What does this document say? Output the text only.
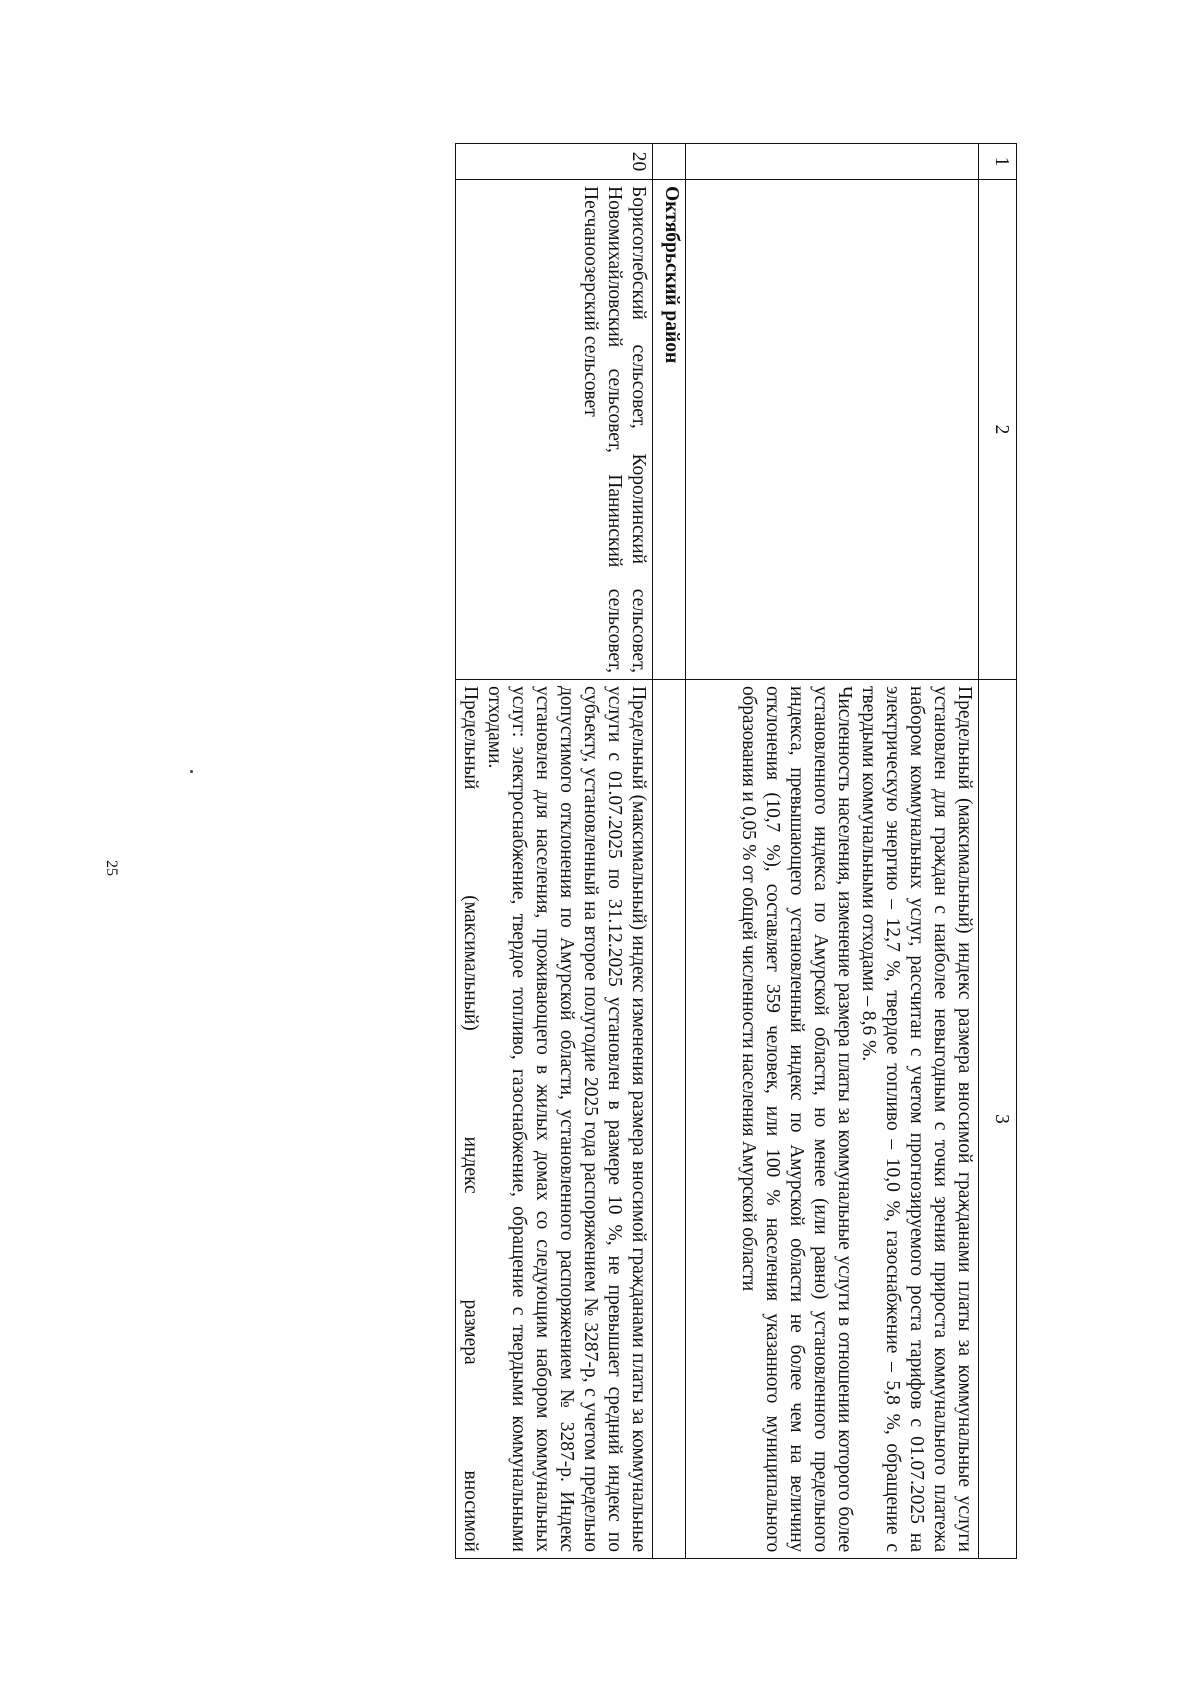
25
1	2	3

		Предельный (максимальный) индекс размера вносимой гражданами платы за коммунальные услуги установлен для граждан с наиболее невыгодным с точки зрения прироста коммунального платежа набором коммунальных услуг, рассчитан с учетом прогнозируемого роста тарифов с 01.07.2025 на электрическую энергию – 12,7 %, твердое топливо – 10,0 %, газоснабжение – 5,8 %, обращение с твердыми коммунальными отходами – 8,6 %.

Численность населения, изменение размера платы за коммунальные услуги в отношении которого более установленного индекса по Амурской области, но менее (или равно) установленного предельного индекса, превышающего установленный индекс по Амурской области не более чем на величину отклонения (10,7 %), составляет 359 человек, или 100 % населения указанного муниципального образования и 0,05 % от общей численности населения Амурской области

	Октябрьский район	
20	Борисоглебский сельсовет, Королинский сельсовет, Новомихайловский сельсовет, Панинский сельсовет, Песчаноозерский сельсовет	Предельный (максимальный) индекс изменения размера вносимой гражданами платы за коммунальные услуги с 01.07.2025 по 31.12.2025 установлен в размере 10 %, не превышает средний индекс по субъекту, установленный на второе полугодие 2025 года распоряжением № 3287-р, с учетом предельно допустимого отклонения по Амурской области, установленного распоряжением № 3287-р. Индекс установлен для населения, проживающего в жилых домах со следующим набором коммунальных услуг: электроснабжение, твердое топливо, газоснабжение, обращение с твердыми коммунальными отходами.

Предельный (максимальный) индекс размера вносимой
